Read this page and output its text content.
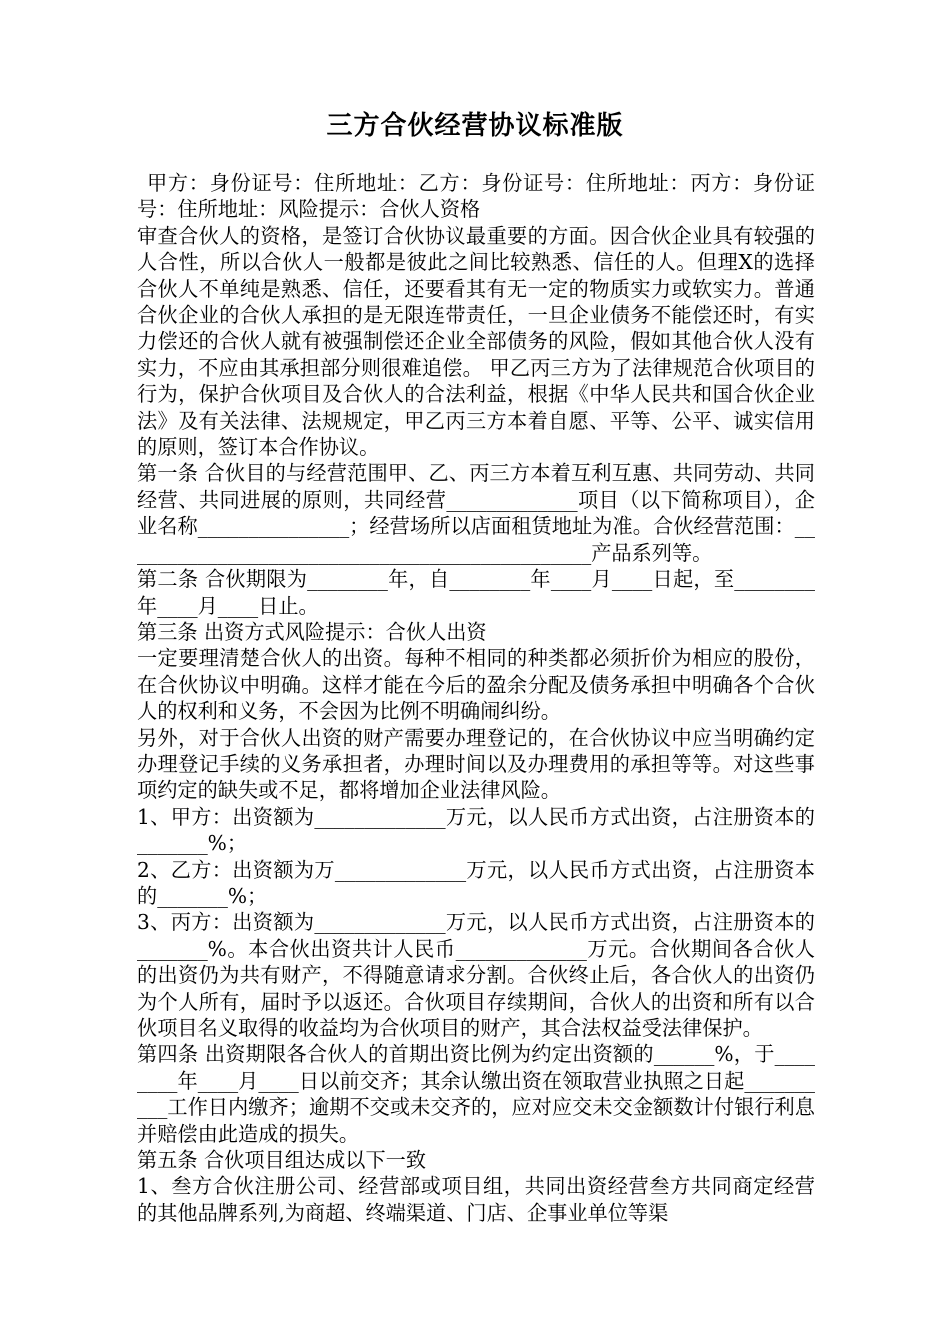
三方合伙经营协议标准版

甲方：身份证号：住所地址：乙方：身份证号：住所地址：丙方：身份证号：住所地址：风险提示：合伙人资格

审查合伙人的资格，是签订合伙协议最重要的方面。因合伙企业具有较强的人合性，所以合伙人一般都是彼此之间比较熟悉、信任的人。但理X的选择合伙人不单纯是熟悉、信任，还要看其有无一定的物质实力或软实力。普通合伙企业的合伙人承担的是无限连带责任，一旦企业债务不能偿还时，有实力偿还的合伙人就有被强制偿还企业全部债务的风险，假如其他合伙人没有实力，不应由其承担部分则很难追偿。 甲乙丙三方为了法律规范合伙项目的行为，保护合伙项目及合伙人的合法利益，根据《中华人民共和国合伙企业法》及有关法律、法规规定，甲乙丙三方本着自愿、平等、公平、诚实信用的原则，签订本合作协议。

第一条 合伙目的与经营范围甲、乙、丙三方本着互利互惠、共同劳动、共同经营、共同进展的原则，共同经营_____________项目（以下简称项目），企业名称_______________；经营场所以店面租赁地址为准。合伙经营范围：_______________________________________________产品系列等。

第二条 合伙期限为________年，自________年____月____日起，至________年____月____日止。

第三条 出资方式风险提示：合伙人出资

一定要理清楚合伙人的出资。每种不相同的种类都必须折价为相应的股份，在合伙协议中明确。这样才能在今后的盈余分配及债务承担中明确各个合伙人的权利和义务，不会因为比例不明确闹纠纷。

另外，对于合伙人出资的财产需要办理登记的，在合伙协议中应当明确约定办理登记手续的义务承担者，办理时间以及办理费用的承担等等。对这些事项约定的缺失或不足，都将增加企业法律风险。

1、甲方：出资额为_____________万元，以人民币方式出资，占注册资本的_______%；

2、乙方：出资额为万_____________万元，以人民币方式出资，占注册资本的_______%；

3、丙方：出资额为_____________万元，以人民币方式出资，占注册资本的_______%。本合伙出资共计人民币_____________万元。合伙期间各合伙人的出资仍为共有财产，不得随意请求分割。合伙终止后，各合伙人的出资仍为个人所有，届时予以返还。合伙项目存续期间，合伙人的出资和所有以合伙项目名义取得的收益均为合伙项目的财产，其合法权益受法律保护。

第四条 出资期限各合伙人的首期出资比例为约定出资额的______%，于________年____月____日以前交齐；其余认缴出资在领取营业执照之日起__________工作日内缴齐；逾期不交或未交齐的，应对应交未交金额数计付银行利息并赔偿由此造成的损失。

第五条 合伙项目组达成以下一致

1、叁方合伙注册公司、经营部或项目组，共同出资经营叁方共同商定经营的其他品牌系列,为商超、终端渠道、门店、企事业单位等渠
